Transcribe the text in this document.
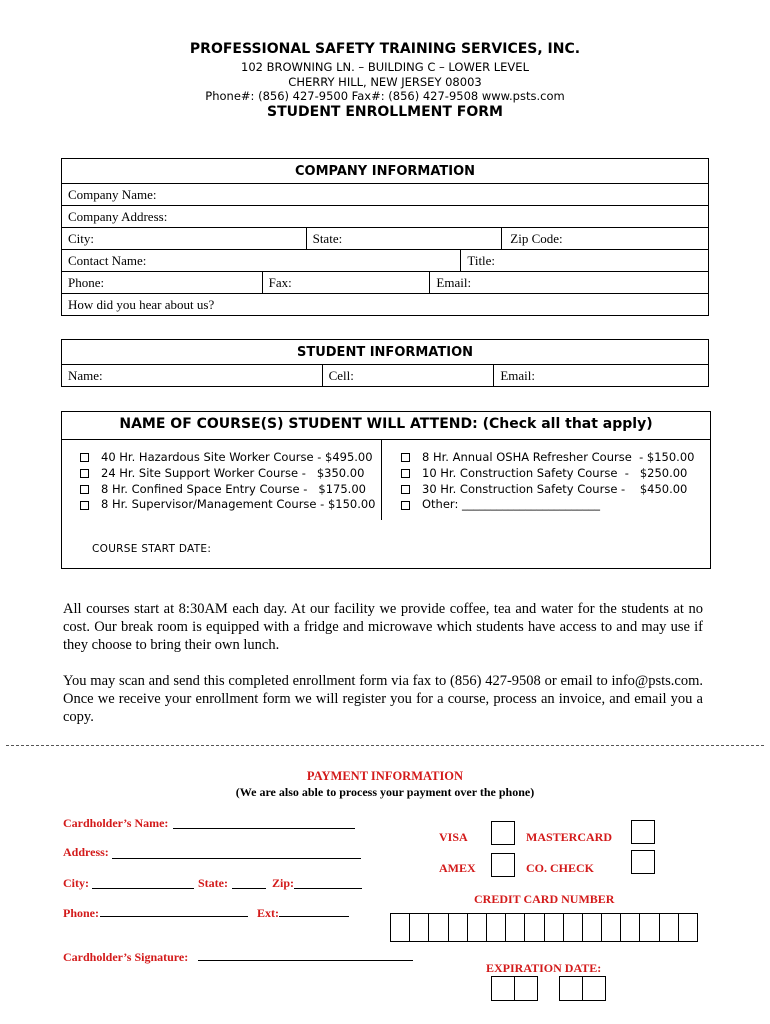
PROFESSIONAL SAFETY TRAINING SERVICES, INC.
102 BROWNING LN. – BUILDING C – LOWER LEVEL
CHERRY HILL, NEW JERSEY 08003
Phone#: (856) 427-9500 Fax#: (856) 427-9508 www.psts.com
STUDENT ENROLLMENT FORM
COMPANY INFORMATION					
Company Name:					
Company Address:					
City:		State:			Zip Code:
Contact Name:				Title:	
Phone:	Fax:		Email:		
How did you hear about us?					
STUDENT INFORMATION
Name:	Cell:	Email:
NAME OF COURSE(S) STUDENT WILL ATTEND: (Check all that apply)
40 Hr. Hazardous Site Worker Course - $495.00
24 Hr. Site Support Worker Course -   $350.00
8 Hr. Confined Space Entry Course -   $175.00
8 Hr. Supervisor/Management Course - $150.00
8 Hr. Annual OSHA Refresher Course  - $150.00
10 Hr. Construction Safety Course  -   $250.00
30 Hr. Construction Safety Course -    $450.00
Other: ________________________
COURSE START DATE:
All courses start at 8:30AM each day. At our facility we provide coffee, tea and water for the students at no cost. Our break room is equipped with a fridge and microwave which students have access to and may use if they choose to bring their own lunch.
You may scan and send this completed enrollment form via fax to (856) 427-9508 or email to info@psts.com. Once we receive your enrollment form we will register you for a course, process an invoice, and email you a copy.
PAYMENT INFORMATION
(We are also able to process your payment over the phone)
Cardholder’s Name:
Address:
City:	State:	Zip:
Phone:	Ext:
Cardholder’s Signature:
VISA	MASTERCARD
AMEX	CO. CHECK
CREDIT CARD NUMBER
EXPIRATION DATE:
